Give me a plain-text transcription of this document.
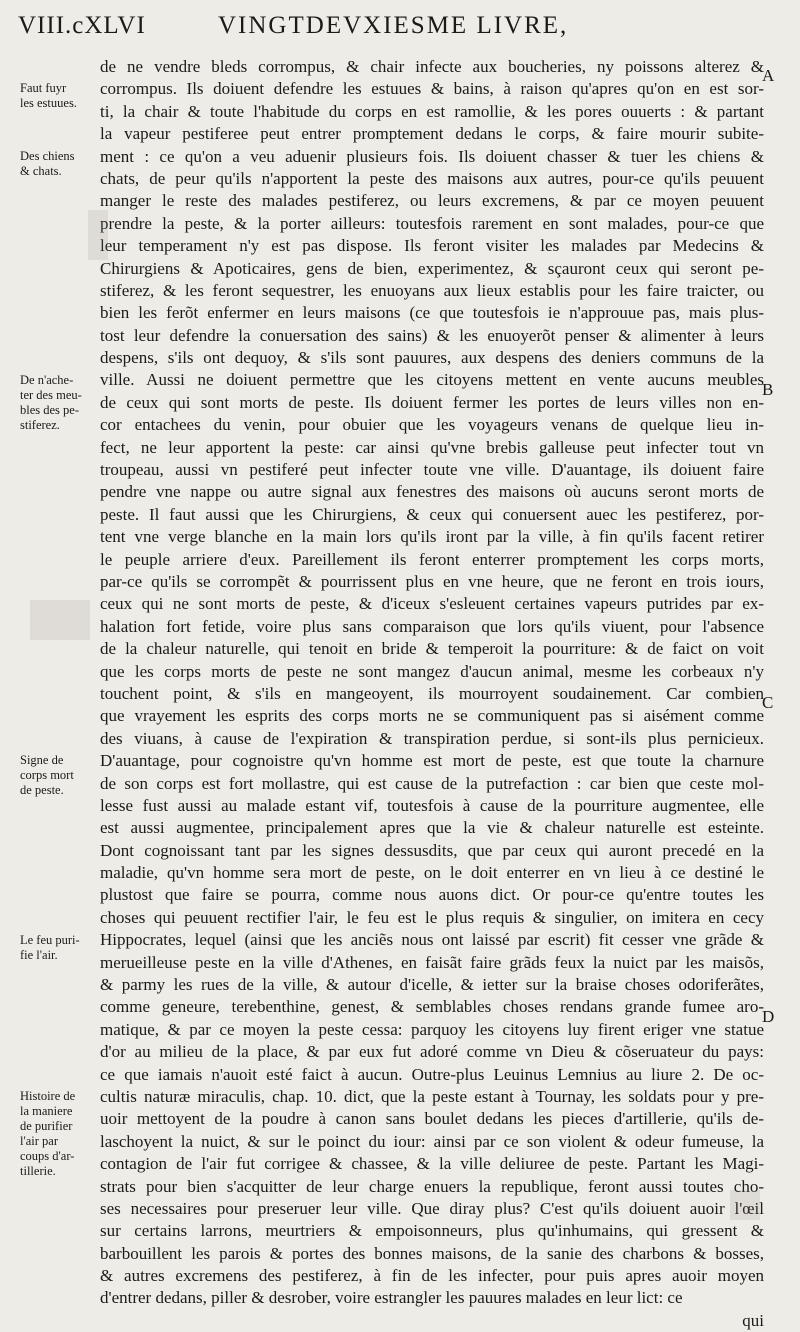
VIII.cXLVI	VINGTDEVXIESME LIVRE,
de ne vendre bleds corrompus, & chair infecte aux boucheries, ny poissons alterez &
corrompus. Ils doiuent defendre les estuues & bains, à raison qu'apres qu'on en est sor-
ti, la chair & toute l'habitude du corps en est ramollie, & les pores ouuerts : & partant
la vapeur pestiferee peut entrer promptement dedans le corps, & faire mourir subite-
ment : ce qu'on a veu aduenir plusieurs fois. Ils doiuent chasser & tuer les chiens &
chats, de peur qu'ils n'apportent la peste des maisons aux autres, pour-ce qu'ils peuuent
manger le reste des malades pestiferez, ou leurs excremens, & par ce moyen peuuent
prendre la peste, & la porter ailleurs: toutesfois rarement en sont malades, pour-ce que
leur temperament n'y est pas dispose. Ils feront visiter les malades par Medecins &
Chirurgiens & Apoticaires, gens de bien, experimentez, & sçauront ceux qui seront pe-
stiferez, & les feront sequestrer, les enuoyans aux lieux establis pour les faire traicter, ou
bien les ferõt enfermer en leurs maisons (ce que toutesfois ie n'approuue pas, mais plus-
tost leur defendre la conuersation des sains) & les enuoyerõt penser & alimenter à leurs
despens, s'ils ont dequoy, & s'ils sont pauures, aux despens des deniers communs de la
ville. Aussi ne doiuent permettre que les citoyens mettent en vente aucuns meubles
de ceux qui sont morts de peste. Ils doiuent fermer les portes de leurs villes non en-
cor entachees du venin, pour obuier que les voyageurs venans de quelque lieu in-
fect, ne leur apportent la peste: car ainsi qu'vne brebis galleuse peut infecter tout vn
troupeau, aussi vn pestiferé peut infecter toute vne ville. D'auantage, ils doiuent faire
pendre vne nappe ou autre signal aux fenestres des maisons où aucuns seront morts de
peste. Il faut aussi que les Chirurgiens, & ceux qui conuersent auec les pestiferez, por-
tent vne verge blanche en la main lors qu'ils iront par la ville, à fin qu'ils facent retirer
le peuple arriere d'eux. Pareillement ils feront enterrer promptement les corps morts,
par-ce qu'ils se corrompẽt & pourrissent plus en vne heure, que ne feront en trois iours,
ceux qui ne sont morts de peste, & d'iceux s'esleuent certaines vapeurs putrides par ex-
halation fort fetide, voire plus sans comparaison que lors qu'ils viuent, pour l'absence
de la chaleur naturelle, qui tenoit en bride & temperoit la pourriture: & de faict on voit
que les corps morts de peste ne sont mangez d'aucun animal, mesme les corbeaux n'y
touchent point, & s'ils en mangeoyent, ils mourroyent soudainement. Car combien
que vrayement les esprits des corps morts ne se communiquent pas si aisément comme
des viuans, à cause de l'expiration & transpiration perdue, si sont-ils plus pernicieux.
D'auantage, pour cognoistre qu'vn homme est mort de peste, est que toute la charnure
de son corps est fort mollastre, qui est cause de la putrefaction : car bien que ceste mol-
lesse fust aussi au malade estant vif, toutesfois à cause de la pourriture augmentee, elle
est aussi augmentee, principalement apres que la vie & chaleur naturelle est esteinte.
Dont cognoissant tant par les signes dessusdits, que par ceux qui auront precedé en la
maladie, qu'vn homme sera mort de peste, on le doit enterrer en vn lieu à ce destiné le
plustost que faire se pourra, comme nous auons dict. Or pour-ce qu'entre toutes les
choses qui peuuent rectifier l'air, le feu est le plus requis & singulier, on imitera en cecy
Hippocrates, lequel (ainsi que les anciẽs nous ont laissé par escrit) fit cesser vne grãde &
merueilleuse peste en la ville d'Athenes, en faisãt faire grãds feux la nuict par les maisõs,
& parmy les rues de la ville, & autour d'icelle, & ietter sur la braise choses odoriferãtes,
comme geneure, terebenthine, genest, & semblables choses rendans grande fumee aro-
matique, & par ce moyen la peste cessa: parquoy les citoyens luy firent eriger vne statue
d'or au milieu de la place, & par eux fut adoré comme vn Dieu & cõseruateur du pays:
ce que iamais n'auoit esté faict à aucun. Outre-plus Leuinus Lemnius au liure 2. De oc-
cultis naturæ miraculis, chap. 10. dict, que la peste estant à Tournay, les soldats pour y pre-
uoir mettoyent de la poudre à canon sans boulet dedans les pieces d'artillerie, qu'ils de-
laschoyent la nuict, & sur le poinct du iour: ainsi par ce son violent & odeur fumeuse, la
contagion de l'air fut corrigee & chassee, & la ville deliuree de peste. Partant les Magi-
strats pour bien s'acquitter de leur charge enuers la republique, feront aussi toutes cho-
ses necessaires pour preseruer leur ville. Que diray plus? C'est qu'ils doiuent auoir l'œil
sur certains larrons, meurtriers & empoisonneurs, plus qu'inhumains, qui gressent &
barbouillent les parois & portes des bonnes maisons, de la sanie des charbons & bosses,
& autres excremens des pestiferez, à fin de les infecter, pour puis apres auoir moyen
d'entrer dedans, piller & desrober, voire estrangler les pauures malades en leur lict: ce
qui
Faut fuyr
les estuues.
Des chiens
& chats.
De n'ache-
ter des meu-
bles des pe-
stiferez.
Signe de
corps mort
de peste.
Le feu puri-
fie l'air.
Histoire de
la maniere
de purifier
l'air par
coups d'ar-
tillerie.
A
B
C
D
